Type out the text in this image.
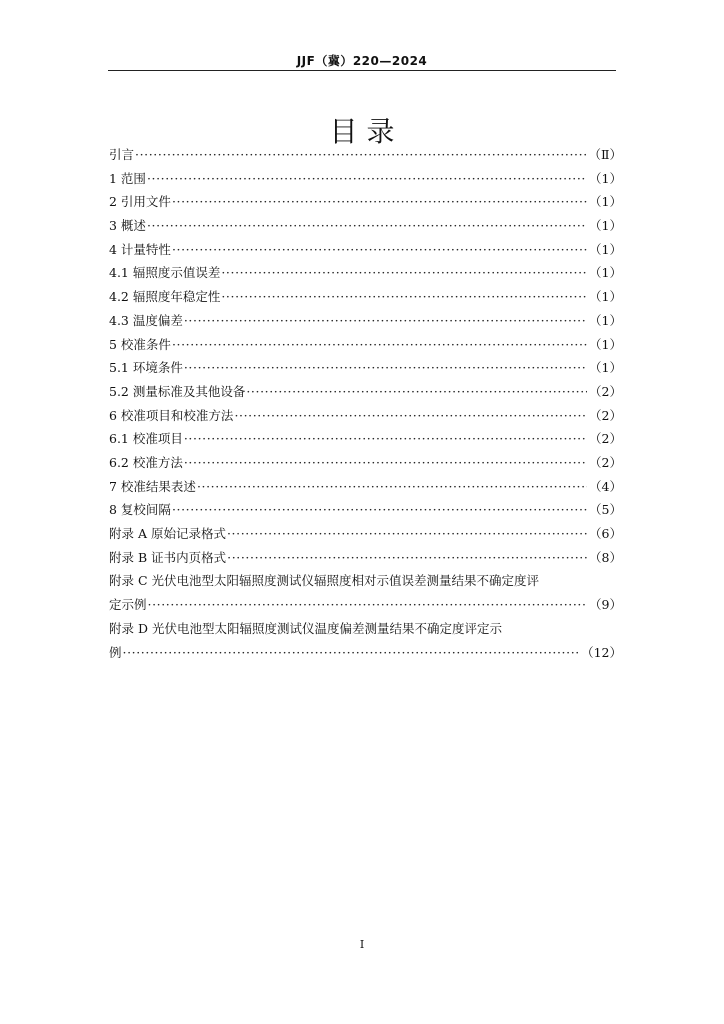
JJF（冀）220—2024
目 录
引言 ·····	（Ⅱ）
1 范围 ·····	（1）
2 引用文件 ·····	（1）
3 概述 ·····	（1）
4 计量特性 ·····	（1）
4.1 辐照度示值误差 ·····	（1）
4.2 辐照度年稳定性 ·····	（1）
4.3 温度偏差 ·····	（1）
5 校准条件 ·····	（1）
5.1 环境条件 ·····	（1）
5.2 测量标准及其他设备 ·····	（2）
6 校准项目和校准方法 ·····	（2）
6.1 校准项目 ·····	（2）
6.2 校准方法 ·····	（2）
7 校准结果表述 ·····	（4）
8 复校间隔 ·····	（5）
附录 A 原始记录格式 ·····	（6）
附录 B 证书内页格式 ·····	（8）
附录 C 光伏电池型太阳辐照度测试仪辐照度相对示值误差测量结果不确定度评
定示例 ·····	（9）
附录 D 光伏电池型太阳辐照度测试仪温度偏差测量结果不确定度评定示
例 ·····	（12）
I
